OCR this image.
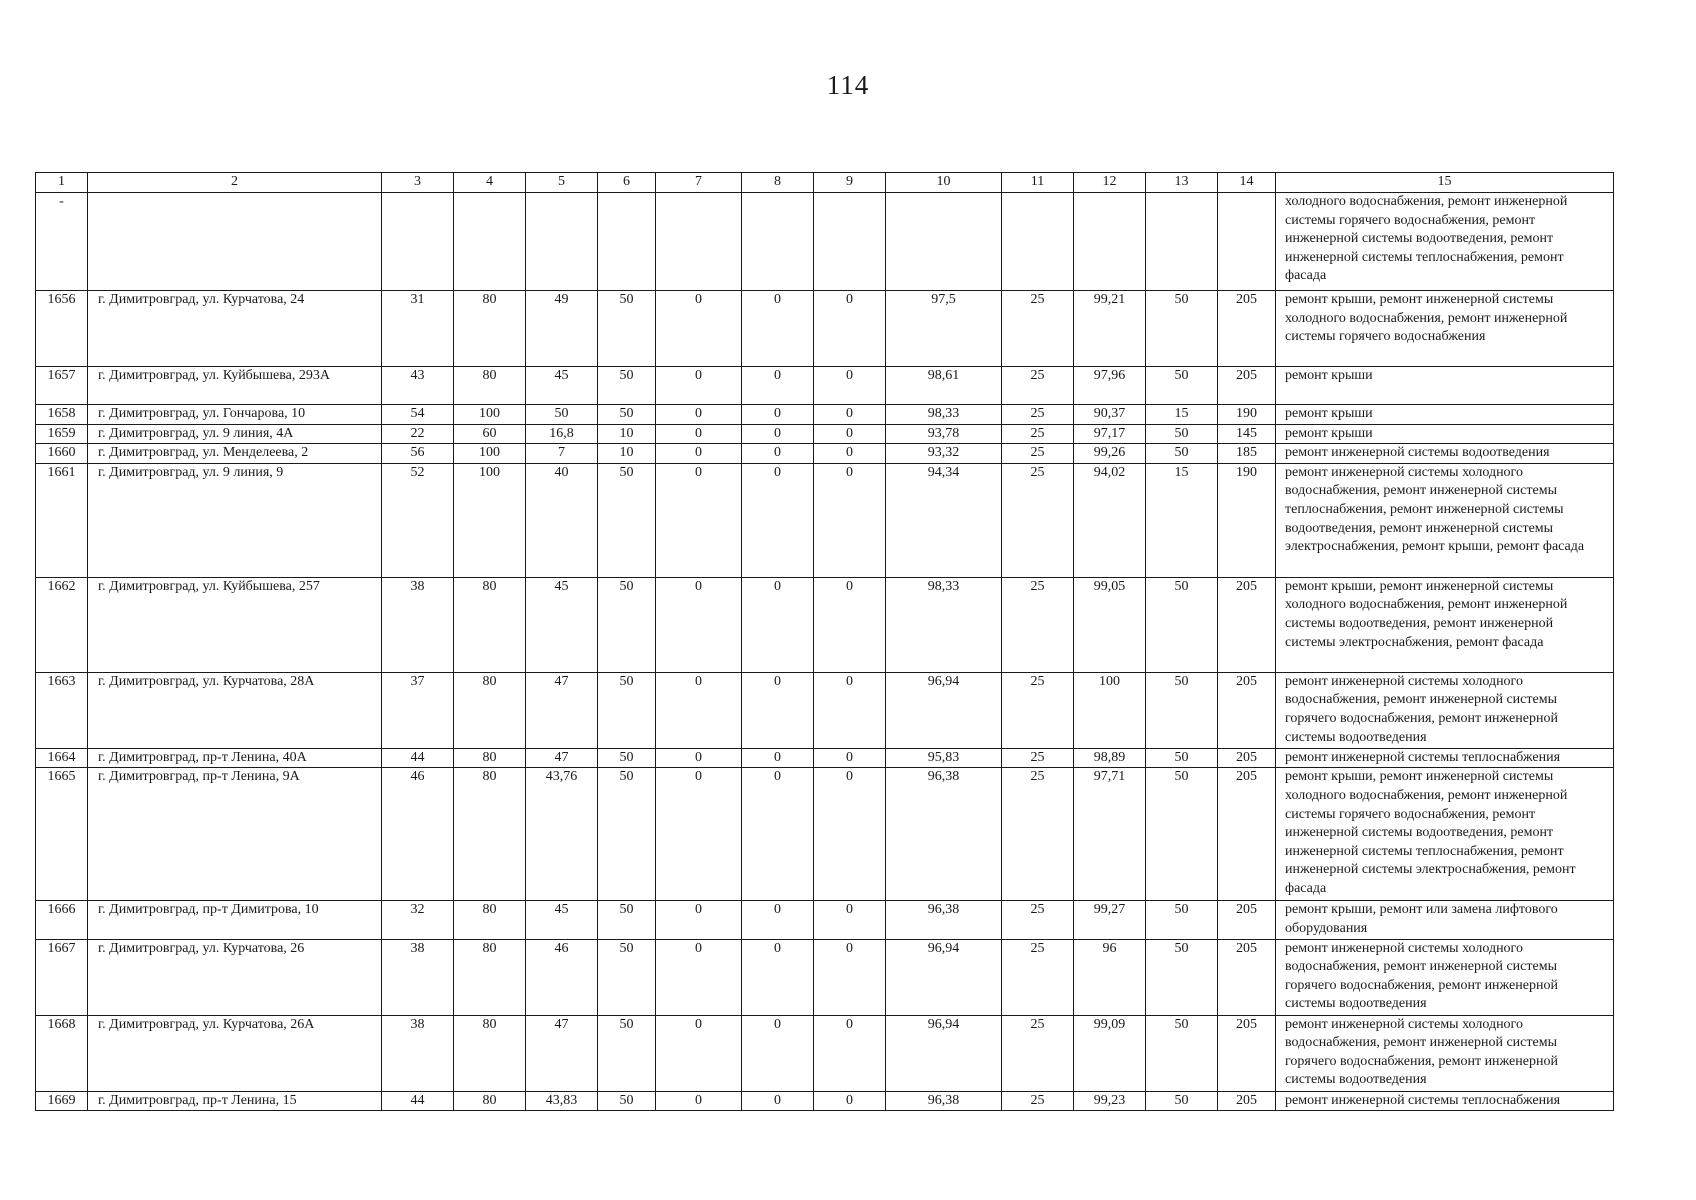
114
1	2	3	4	5	6	7	8	9	10	11	12	13	14	15
-														холодного водоснабжения, ремонт инженерной системы горячего водоснабжения, ремонт инженерной системы водоотведения, ремонт инженерной системы теплоснабжения, ремонт фасада
1656	г. Димитровград, ул. Курчатова, 24	31	80	49	50	0	0	0	97,5	25	99,21	50	205	ремонт крыши, ремонт инженерной системы холодного водоснабжения, ремонт инженерной системы горячего водоснабжения
1657	г. Димитровград, ул. Куйбышева, 293А	43	80	45	50	0	0	0	98,61	25	97,96	50	205	ремонт крыши
1658	г. Димитровград, ул. Гончарова, 10	54	100	50	50	0	0	0	98,33	25	90,37	15	190	ремонт крыши
1659	г. Димитровград, ул. 9 линия, 4А	22	60	16,8	10	0	0	0	93,78	25	97,17	50	145	ремонт крыши
1660	г. Димитровград, ул. Менделеева, 2	56	100	7	10	0	0	0	93,32	25	99,26	50	185	ремонт инженерной системы водоотведения
1661	г. Димитровград, ул. 9 линия, 9	52	100	40	50	0	0	0	94,34	25	94,02	15	190	ремонт инженерной системы холодного водоснабжения, ремонт инженерной системы теплоснабжения, ремонт инженерной системы водоотведения, ремонт инженерной системы электроснабжения, ремонт крыши, ремонт фасада
1662	г. Димитровград, ул. Куйбышева, 257	38	80	45	50	0	0	0	98,33	25	99,05	50	205	ремонт крыши, ремонт инженерной системы холодного водоснабжения, ремонт инженерной системы водоотведения, ремонт инженерной системы электроснабжения, ремонт фасада
1663	г. Димитровград, ул. Курчатова, 28А	37	80	47	50	0	0	0	96,94	25	100	50	205	ремонт инженерной системы холодного водоснабжения, ремонт инженерной системы горячего водоснабжения, ремонт инженерной системы водоотведения
1664	г. Димитровград, пр-т Ленина, 40А	44	80	47	50	0	0	0	95,83	25	98,89	50	205	ремонт инженерной системы теплоснабжения
1665	г. Димитровград, пр-т Ленина, 9А	46	80	43,76	50	0	0	0	96,38	25	97,71	50	205	ремонт крыши, ремонт инженерной системы холодного водоснабжения, ремонт инженерной системы горячего водоснабжения, ремонт инженерной системы водоотведения, ремонт инженерной системы теплоснабжения, ремонт инженерной системы электроснабжения, ремонт фасада
1666	г. Димитровград, пр-т Димитрова, 10	32	80	45	50	0	0	0	96,38	25	99,27	50	205	ремонт крыши, ремонт или замена лифтового оборудования
1667	г. Димитровград, ул. Курчатова, 26	38	80	46	50	0	0	0	96,94	25	96	50	205	ремонт инженерной системы холодного водоснабжения, ремонт инженерной системы горячего водоснабжения, ремонт инженерной системы водоотведения
1668	г. Димитровград, ул. Курчатова, 26А	38	80	47	50	0	0	0	96,94	25	99,09	50	205	ремонт инженерной системы холодного водоснабжения, ремонт инженерной системы горячего водоснабжения, ремонт инженерной системы водоотведения
1669	г. Димитровград, пр-т Ленина, 15	44	80	43,83	50	0	0	0	96,38	25	99,23	50	205	ремонт инженерной системы теплоснабжения
